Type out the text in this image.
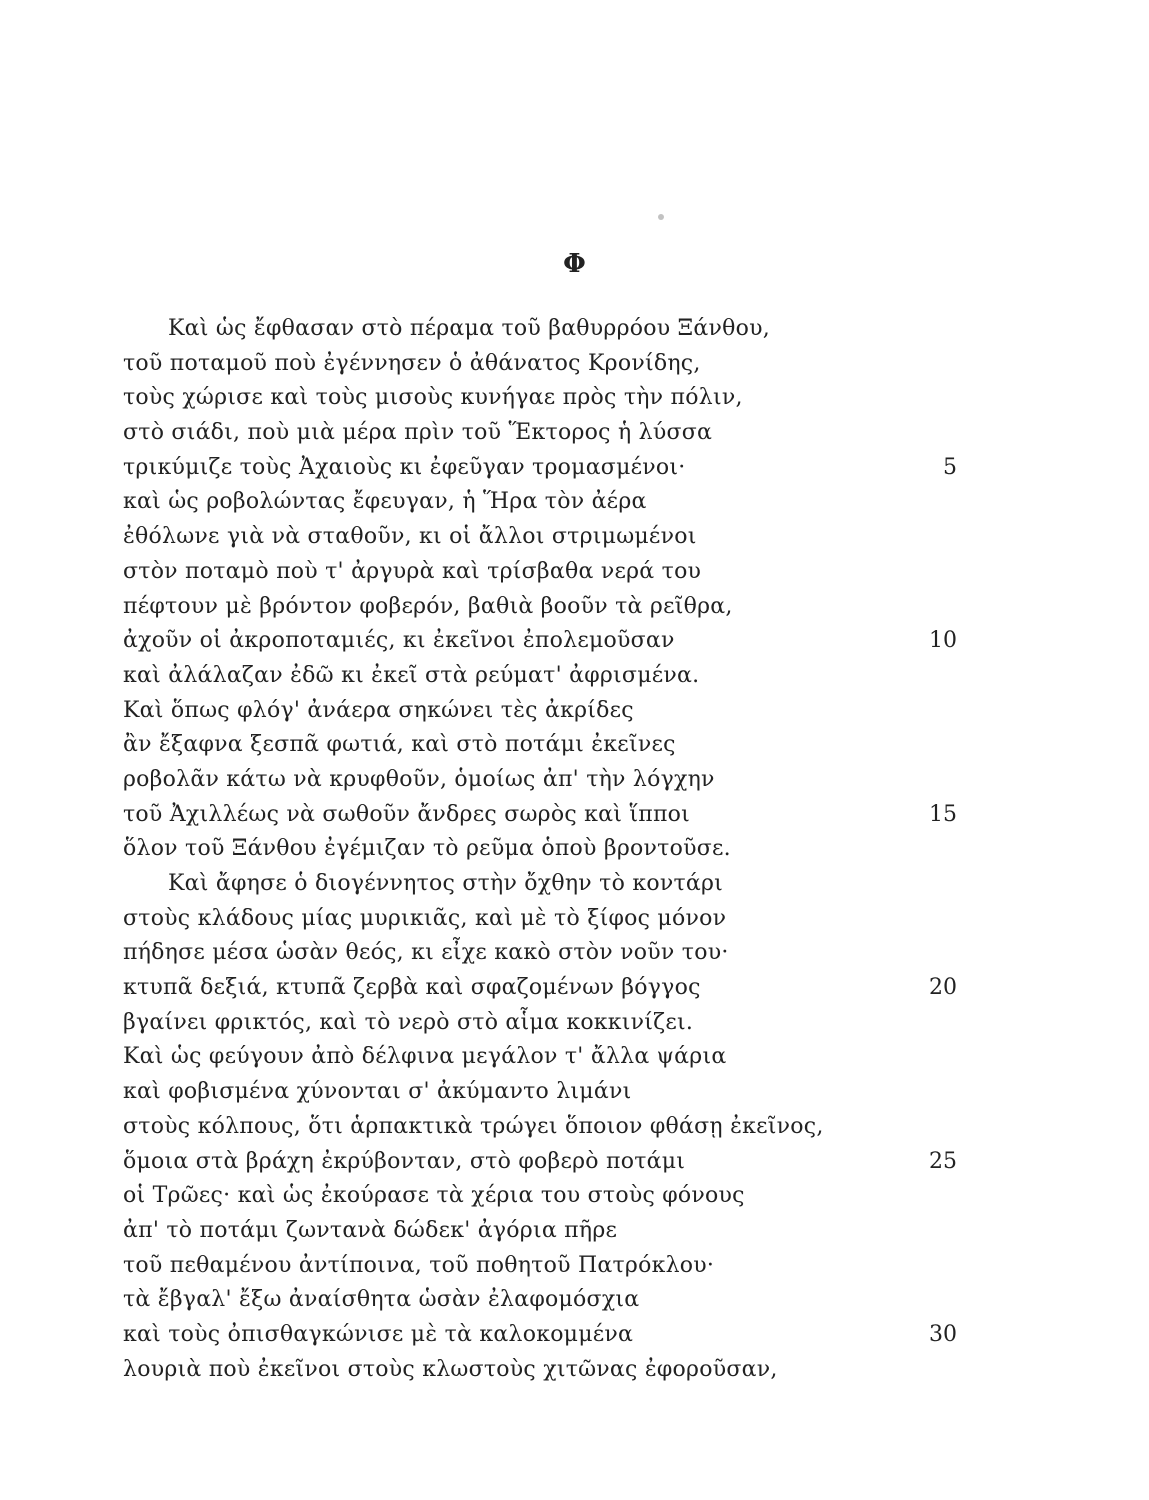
Φ
Καὶ ὡς ἔφθασαν στὸ πέραμα τοῦ βαθυρρόου Ξάνθου,
τοῦ ποταμοῦ ποὺ ἐγέννησεν ὁ ἀθάνατος Κρονίδης,
τοὺς χώρισε καὶ τοὺς μισοὺς κυνήγαε πρὸς τὴν πόλιν,
στὸ σιάδι, ποὺ μιὰ μέρα πρὶν τοῦ Ἕκτορος ἡ λύσσα
τρικύμιζε τοὺς Ἀχαιοὺς κι ἐφεῦγαν τρομασμένοι·	5
καὶ ὡς ροβολώντας ἔφευγαν, ἡ Ἥρα τὸν ἀέρα
ἐθόλωνε γιὰ νὰ σταθοῦν, κι οἱ ἄλλοι στριμωμένοι
στὸν ποταμὸ ποὺ τ' ἀργυρὰ καὶ τρίσβαθα νερά του
πέφτουν μὲ βρόντον φοβερόν, βαθιὰ βοοῦν τὰ ρεῖθρα,
ἀχοῦν οἱ ἀκροποταμιές, κι ἐκεῖνοι ἐπολεμοῦσαν	10
καὶ ἀλάλαζαν ἐδῶ κι ἐκεῖ στὰ ρεύματ' ἀφρισμένα.
Καὶ ὅπως φλόγ' ἀνάερα σηκώνει τὲς ἀκρίδες
ἂν ἔξαφνα ξεσπᾶ φωτιά, καὶ στὸ ποτάμι ἐκεῖνες
ροβολᾶν κάτω νὰ κρυφθοῦν, ὁμοίως ἀπ' τὴν λόγχην
τοῦ Ἀχιλλέως νὰ σωθοῦν ἄνδρες σωρὸς καὶ ἵπποι	15
ὅλον τοῦ Ξάνθου ἐγέμιζαν τὸ ρεῦμα ὁποὺ βροντοῦσε.
Καὶ ἄφησε ὁ διογέννητος στὴν ὄχθην τὸ κοντάρι
στοὺς κλάδους μίας μυρικιᾶς, καὶ μὲ τὸ ξίφος μόνον
πήδησε μέσα ὡσὰν θεός, κι εἶχε κακὸ στὸν νοῦν του·
κτυπᾶ δεξιά, κτυπᾶ ζερβὰ καὶ σφαζομένων βόγγος	20
βγαίνει φρικτός, καὶ τὸ νερὸ στὸ αἷμα κοκκινίζει.
Καὶ ὡς φεύγουν ἀπὸ δέλφινα μεγάλον τ' ἄλλα ψάρια
καὶ φοβισμένα χύνονται σ' ἀκύμαντο λιμάνι
στοὺς κόλπους, ὅτι ἁρπακτικὰ τρώγει ὅποιον φθάσῃ ἐκεῖνος,
ὅμοια στὰ βράχη ἐκρύβονταν, στὸ φοβερὸ ποτάμι	25
οἱ Τρῶες· καὶ ὡς ἐκούρασε τὰ χέρια του στοὺς φόνους
ἀπ' τὸ ποτάμι ζωντανὰ δώδεκ' ἀγόρια πῆρε
τοῦ πεθαμένου ἀντίποινα, τοῦ ποθητοῦ Πατρόκλου·
τὰ ἔβγαλ' ἔξω ἀναίσθητα ὡσὰν ἐλαφομόσχια
καὶ τοὺς ὀπισθαγκώνισε μὲ τὰ καλοκομμένα	30
λουριὰ ποὺ ἐκεῖνοι στοὺς κλωστοὺς χιτῶνας ἐφοροῦσαν,
